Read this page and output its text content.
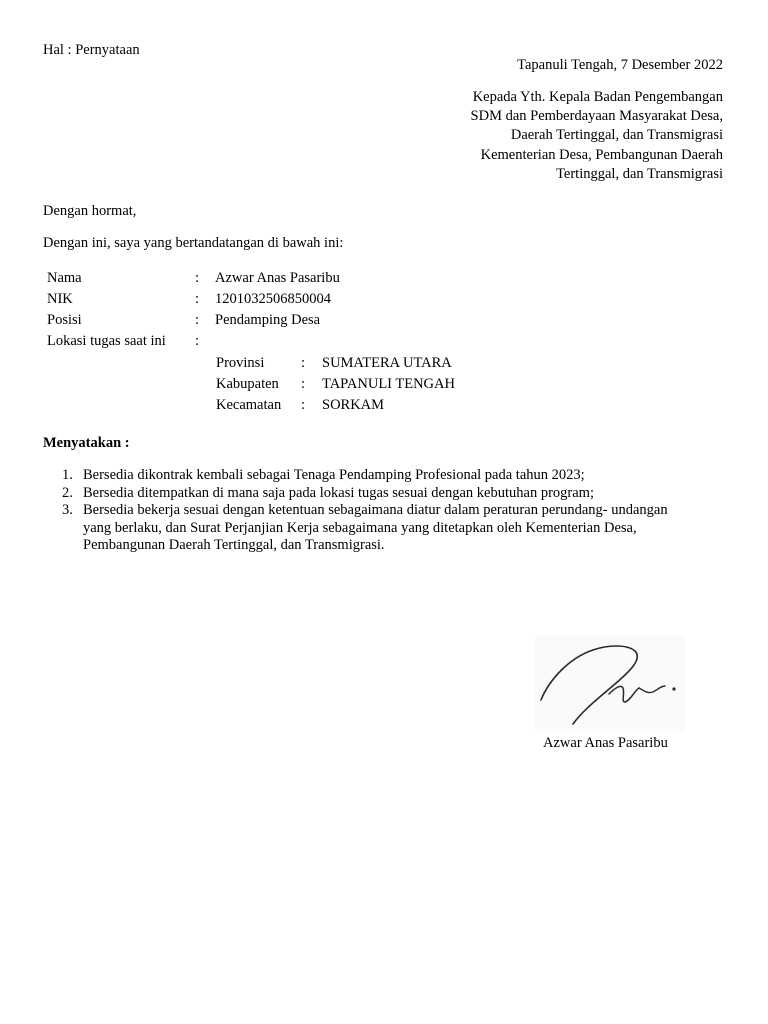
Hal : Pernyataan
Tapanuli Tengah, 7 Desember 2022
Kepada Yth. Kepala Badan Pengembangan
SDM dan Pemberdayaan Masyarakat Desa,
Daerah Tertinggal, dan Transmigrasi
Kementerian Desa, Pembangunan Daerah
Tertinggal, dan Transmigrasi
Dengan hormat,
Dengan ini, saya yang bertandatangan di bawah ini:
Nama	: Azwar Anas Pasaribu
NIK	: 1201032506850004
Posisi	: Pendamping Desa
Lokasi tugas saat ini :
Provinsi	: SUMATERA UTARA
Kabupaten : TAPANULI TENGAH
Kecamatan : SORKAM
Menyatakan :
1. Bersedia dikontrak kembali sebagai Tenaga Pendamping Profesional pada tahun 2023;
2. Bersedia ditempatkan di mana saja pada lokasi tugas sesuai dengan kebutuhan program;
3. Bersedia bekerja sesuai dengan ketentuan sebagaimana diatur dalam peraturan perundang- undangan
yang berlaku, dan Surat Perjanjian Kerja sebagaimana yang ditetapkan oleh Kementerian Desa,
Pembangunan Daerah Tertinggal, dan Transmigrasi.
Azwar Anas Pasaribu
